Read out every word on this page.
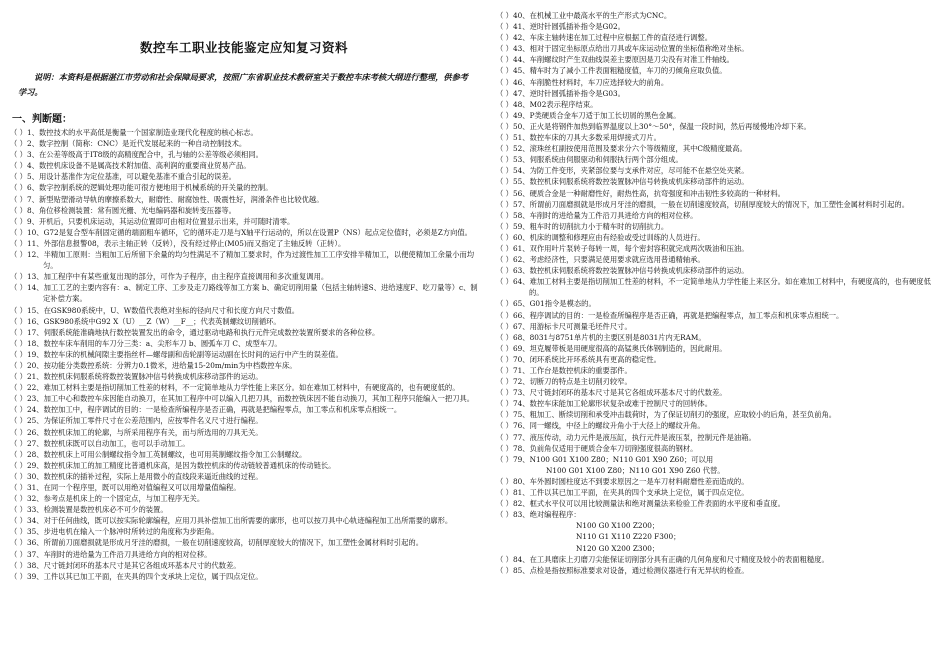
数控车工职业技能鉴定应知复习资料
说明：本资料是根据湛江市劳动和社会保障局要求，按照广东省职业技术教研室关于数控车床考核大纲进行整理，供参考学习。
一、判断题：
（ ）1、数控技术的水平高低是衡量一个国家制造业现代化程度的核心标志。
（ ）2、数字控制（简称：CNC）是近代发展起来的一种自动控制技术。
（ ）3、在公差等级高于IT8级的高精度配合中，孔与轴的公差等级必须相同。
（ ）4、数控机床设备不是属高技术附加值、高利润的重要商业贸易产品。
（ ）5、用设计基准作为定位基准，可以避免基准不重合引起的误差。
（ ）6、数字控制系统的逻辑处理功能可很方便地用于机械系统的开关量的控制。
（ ）7、新型贴塑滑动导轨的摩擦系数大，耐磨性、耐腐蚀性、吸震性好，润滑条件也比较优越。
（ ）8、角位移检测装置：常有圆光栅、光电编码器和旋转变压器等。
（ ）9、开机后，只要机床运动，其运动位置即可由相对位置显示出来，并可随时清零。
（ ）10、G72是复合型车削固定循的端面粗车循环，它的循环走刀是与X轴平行运动的，所以在设置P（NS）起点定位值时，必须是Z方向值。
（ ）11、外部信息报警08，表示主轴正转（反转），没有经过停止(M05)而又指定了主轴反转（正转）。
（ ）12、半精加工原则：当粗加工后所留下余量的均匀性满足不了精加工要求时，作为过渡性加工工序安排半精加工，以便使精加工余量小而均匀。
（ ）13、加工程序中有某些重复出现的部分，可作为子程序，由主程序直接调用和多次重复调用。
（ ）14、加工工艺的主要内容有：a、制定工序、工步及走刀路线等加工方案 b、确定切削用量（包括主轴转速S、进给速度F、吃刀量等）c、制定补偿方案。
（ ）15、在GSK980系统中，U、W数值代表绝对坐标的径向尺寸和长度方向尺寸数值。
（ ）16、GSK980系统中G92 X（U）__Z（W）__F__；代表英制螺纹切削循环。
（ ）17、伺服系统能准确地执行数控装置发出的命令，通过驱动电路和执行元件完成数控装置所要求的各种位移。
（ ）18、数控车床车削用的车刀分三类：a、尖形车刀 b、圆弧车刀 C、成型车刀。
（ ）19、数控车床的机械间隙主要指丝杆—螺母副和齿轮副等运动副在长时间的运行中产生的误差值。
（ ）20、按功能分类数控系统：分辨力0.1微米，进给量15-20m/min为中档数控车床。
（ ）21、数控机床伺服系统将数控装置脉冲信号转换成机床移动部件的运动。
（ ）22、难加工材料主要是指切削加工性差的材料，不一定简单地从力学性能上来区分。如在难加工材料中，有硬度高的，也有硬度低的。
（ ）23、加工中心和数控车床因能自动换刀，在其加工程序中可以编入几把刀具，而数控铣床因不能自动换刀，其加工程序只能编入一把刀具。
（ ）24、数控加工中，程序调试的目的：一是检查所编程序是否正确，再就是把编程零点，加工零点和机床零点相统一。
（ ）25、为保证所加工零件尺寸在公差范围内，应按零件名义尺寸进行编程。
（ ）26、数控机床加工的轮廓，与所采用程序有关，而与所选用的刀具无关。
（ ）27、数控机床既可以自动加工，也可以手动加工。
（ ）28、数控机床上可用公制螺纹指令加工英制螺纹，也可用英制螺纹指令加工公制螺纹。
（ ）29、数控机床加工的加工精度比普通机床高，是因为数控机床的传动链较普通机床的传动链长。
（ ）30、数控机床的插补过程，实际上是用微小的直线段来逼近曲线的过程。
（ ）31、在同一个程序里，既可以用绝对值编程又可以用增量值编程。
（ ）32、参考点是机床上的一个固定点，与加工程序无关。
（ ）33、检测装置是数控机床必不可少的装置。
（ ）34、对于任何曲线，既可以按实际轮廓编程，应用刀具补偿加工出所需要的廓形，也可以按刀具中心轨迹编程加工出所需要的廓形。
（ ）35、步进电机在输入一个脉冲时所转过的角度称为步距角。
（ ）36、所谓前刀面磨损就是形成月牙洼的磨损，一般在切削速度较高，切削厚度较大的情况下，加工塑性金属材料时引起的。
（ ）37、车削时的进给量为工件沿刀具进给方向的相对位移。
（ ）38、尺寸链封闭环的基本尺寸是其它各组成环基本尺寸的代数差。
（ ）39、工件以其已加工平面，在夹具的四个支承块上定位，属于四点定位。
（ ）40、在机械工业中最高水平的生产形式为CNC。
（ ）41、逆时针圆弧插补指令是G02。
（ ）42、车床主轴转速在加工过程中应根据工件的直径进行调整。
（ ）43、相对于固定坐标原点给出刀具或车床运动位置的坐标值称绝对坐标。
（ ）44、车削螺纹时产生双曲线误差主要原因是刀尖没有对准工件轴线。
（ ）45、精车时为了减小工件表面粗糙度值，车刀的刃倾角应取负值。
（ ）46、车削脆性材料时，车刀应选择较大的前角。
（ ）47、逆时针圆弧插补指令是G03。
（ ）48、M02表示程序结束。
（ ）49、P类硬质合金车刀适于加工长切屑的黑色金属。
（ ）50、正火是将钢件加热到临界温度以上30°～50°，保温一段时间，然后再缓慢地冷却下来。
（ ）51、数控车床的刀具大多数采用焊接式刀片。
（ ）52、滚珠丝杠副按使用范围及要求分六个等级精度，其中C级精度最高。
（ ）53、伺服系统由伺服驱动和伺服执行两个部分组成。
（ ）54、为防工件变形，夹紧部位要与支承件对应，尽可能不在悬空处夹紧。
（ ）55、数控机床伺服系统将数控装置脉冲信号转换成机床移动部件的运动。
（ ）56、硬质合金是一种耐磨性好，耐热性高，抗弯强度和冲击韧性多较高的一种材料。
（ ）57、所谓前刀面磨损就是形成月牙洼的磨损，一般在切削速度较高，切削厚度较大的情况下，加工塑性金属材料时引起的。
（ ）58、车削时的进给量为工件沿刀具进给方向的相对位移。
（ ）59、粗车时的切削抗力小于精车时的切削抗力。
（ ）60、机床的调整和修理应由有经验或受过训练的人员进行。
（ ）61、双作用叶片泵转子每转一周，每个密封容积就完成两次吸油和压油。
（ ）62、考虑经济性，只要满足使用要求就应选用普通精轴承。
（ ）63、数控机床伺服系统将数控装置脉冲信号转换成机床移动部件的运动。
（ ）64、难加工材料主要是指切削加工性差的材料，不一定简单地从力学性能上来区分。如在难加工材料中，有硬度高的，也有硬度低的。
（ ）65、G01指令是模态的。
（ ）66、程序调试的目的：一是检查所编程序是否正确，再就是把编程零点，加工零点和机床零点相统一。
（ ）67、用游标卡尺可测量毛坯件尺寸。
（ ）68、8031与8751单片机的主要区别是8031片内无RAM。
（ ）69、坦克履带板是用硬度很高的高锰奥氏体钢制造的，因此耐用。
（ ）70、闭环系统比开环系统具有更高的稳定性。
（ ）71、工作台是数控机床的重要部件。
（ ）72、切断刀的特点是主切削刃较窄。
（ ）73、尺寸链封闭环的基本尺寸是其它各组成环基本尺寸的代数差。
（ ）74、数控车床能加工轮廓形状复杂或难于控制尺寸的回转体。
（ ）75、粗加工、断续切削和承受冲击载荷时，为了保证切削刃的强度，应取较小的后角，甚至负前角。
（ ）76、同一螺线，中径上的螺纹升角小于大径上的螺纹升角。
（ ）77、液压传动，动力元件是液压缸，执行元件是液压泵，控制元件是油箱。
（ ）78、负前角仅适用于硬质合金车刀切削强度很高的钢材。
（ ）79、N100 G01 X100 Z80；N110 G01 X90 Z60；可以用
N100 G01 X100 Z80；N110 G01 X90 Z60 代替。
（ ）80、车外圆时圆柱度达不到要求原因之一是车刀材料耐磨性差而造成的。
（ ）81、工件以其已加工平面，在夹具的四个支承块上定位，属于四点定位。
（ ）82、框式水平仪可以用比较测量法和绝对测量法来检验工件表面的水平度和垂直度。
（ ）83、绝对编程程序：
N100 G0 X100 Z200；
N110 G1 X110 Z220 F300；
N120 G0 X200 Z300；
（ ）84、在工具磨床上刃磨刀尖能保证切削部分具有正确的几何角度和尺寸精度及较小的表面粗糙度。
（ ）85、点检是指按照标准要求对设备，通过检测仪器进行有无异状的检查。
